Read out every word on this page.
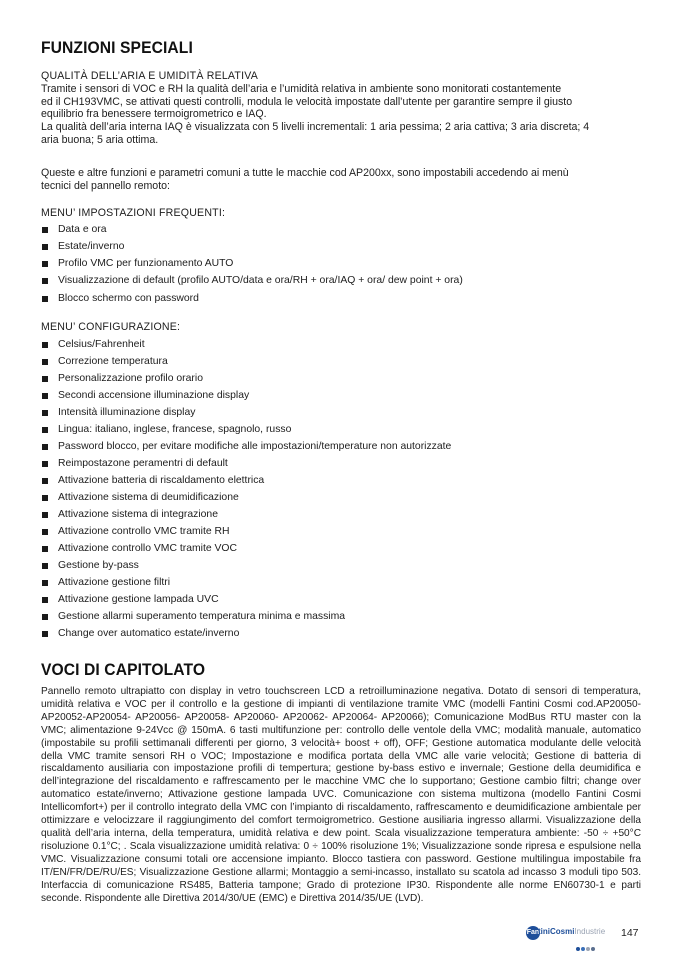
FUNZIONI SPECIALI

QUALITÀ DELL’ARIA E UMIDITÀ RELATIVA

Tramite i sensori di VOC e RH la qualità dell’aria e l’umidità relativa in ambiente sono monitorati costantemente

ed il CH193VMC, se attivati questi controlli, modula le velocità impostate dall’utente per garantire sempre il giusto

equilibrio fra benessere termoigrometrico e IAQ.

La qualità dell’aria interna IAQ è visualizzata con 5 livelli incrementali: 1 aria pessima; 2 aria cattiva; 3 aria discreta; 4

aria buona; 5 aria ottima.

Queste e altre funzioni e parametri comuni a tutte le macchie cod AP200xx, sono impostabili accedendo ai menù

tecnici del pannello remoto:

MENU’ IMPOSTAZIONI FREQUENTI:
Data e ora
Estate/inverno
Profilo VMC per funzionamento AUTO
Visualizzazione di default (profilo AUTO/data e ora/RH + ora/IAQ + ora/ dew point + ora)
Blocco schermo con password
MENU’ CONFIGURAZIONE:
Celsius/Fahrenheit
Correzione temperatura
Personalizzazione profilo orario
Secondi accensione illuminazione display
Intensità illuminazione display
Lingua: italiano, inglese, francese, spagnolo, russo
Password blocco, per evitare modifiche alle impostazioni/temperature non autorizzate
Reimpostazone peramentri di default
Attivazione batteria di riscaldamento elettrica
Attivazione sistema di deumidificazione
Attivazione sistema di integrazione
Attivazione controllo VMC tramite RH
Attivazione controllo VMC tramite VOC
Gestione by-pass
Attivazione gestione filtri
Attivazione gestione lampada UVC
Gestione allarmi superamento temperatura minima e massima
Change over automatico estate/inverno
VOCI DI CAPITOLATO
Pannello remoto ultrapiatto con display in vetro touchscreen LCD a retroilluminazione negativa. Dotato di sensori di temperatura, umidità relativa e VOC per il controllo e la gestione di impianti di ventilazione tramite VMC (modelli Fantini Cosmi cod.AP20050-AP20052-AP20054- AP20056- AP20058- AP20060- AP20062- AP20064- AP20066); Comunicazione ModBus RTU master con la VMC; alimentazione 9-24Vcc @ 150mA. 6 tasti multifunzione per: controllo delle ventole della VMC; modalità manuale, automatico (impostabile su profili settimanali differenti per giorno, 3 velocità+ boost + off), OFF; Gestione automatica modulante delle velocità della VMC tramite sensori RH o VOC; Impostazione e modifica portata della VMC alle varie velocità; Gestione di batteria di riscaldamento ausiliaria con impostazione profili di tempertura; gestione by-bass estivo e invernale; Gestione della deumidifica e dell’integrazione del riscaldamento e raffrescamento per le macchine VMC che lo supportano; Gestione cambio filtri; change over automatico estate/inverno; Attivazione gestione lampada UVC. Comunicazione con sistema multizona (modello Fantini Cosmi Intellicomfort+) per il controllo integrato della VMC con l’impianto di riscaldamento, raffrescamento e deumidificazione ambientale per ottimizzare e velocizzare il raggiungimento del comfort termoigrometrico. Gestione ausiliaria ingresso allarmi. Visualizzazione della qualità dell’aria interna, della temperatura, umidità relativa e dew point. Scala visualizzazione temperatura ambiente: -50 ÷ +50°C risoluzione 0.1°C; . Scala visualizzazione umidità relativa: 0 ÷ 100% risoluzione 1%; Visualizzazione sonde ripresa e espulsione nella VMC. Visualizzazione consumi totali ore accensione impianto. Blocco tastiera con password. Gestione multilingua impostabile fra IT/EN/FR/DE/RU/ES; Visualizzazione Gestione allarmi; Montaggio a semi-incasso, installato su scatola ad incasso 3 moduli tipo 503. Interfaccia di comunicazione RS485, Batteria tampone; Grado di protezione IP30. Rispondente alle norme EN60730-1 e parti seconde. Rispondente alle Direttiva 2014/30/UE (EMC) e Direttiva 2014/35/UE (LVD).
Fan
tiniCosmiIndustrie 147
